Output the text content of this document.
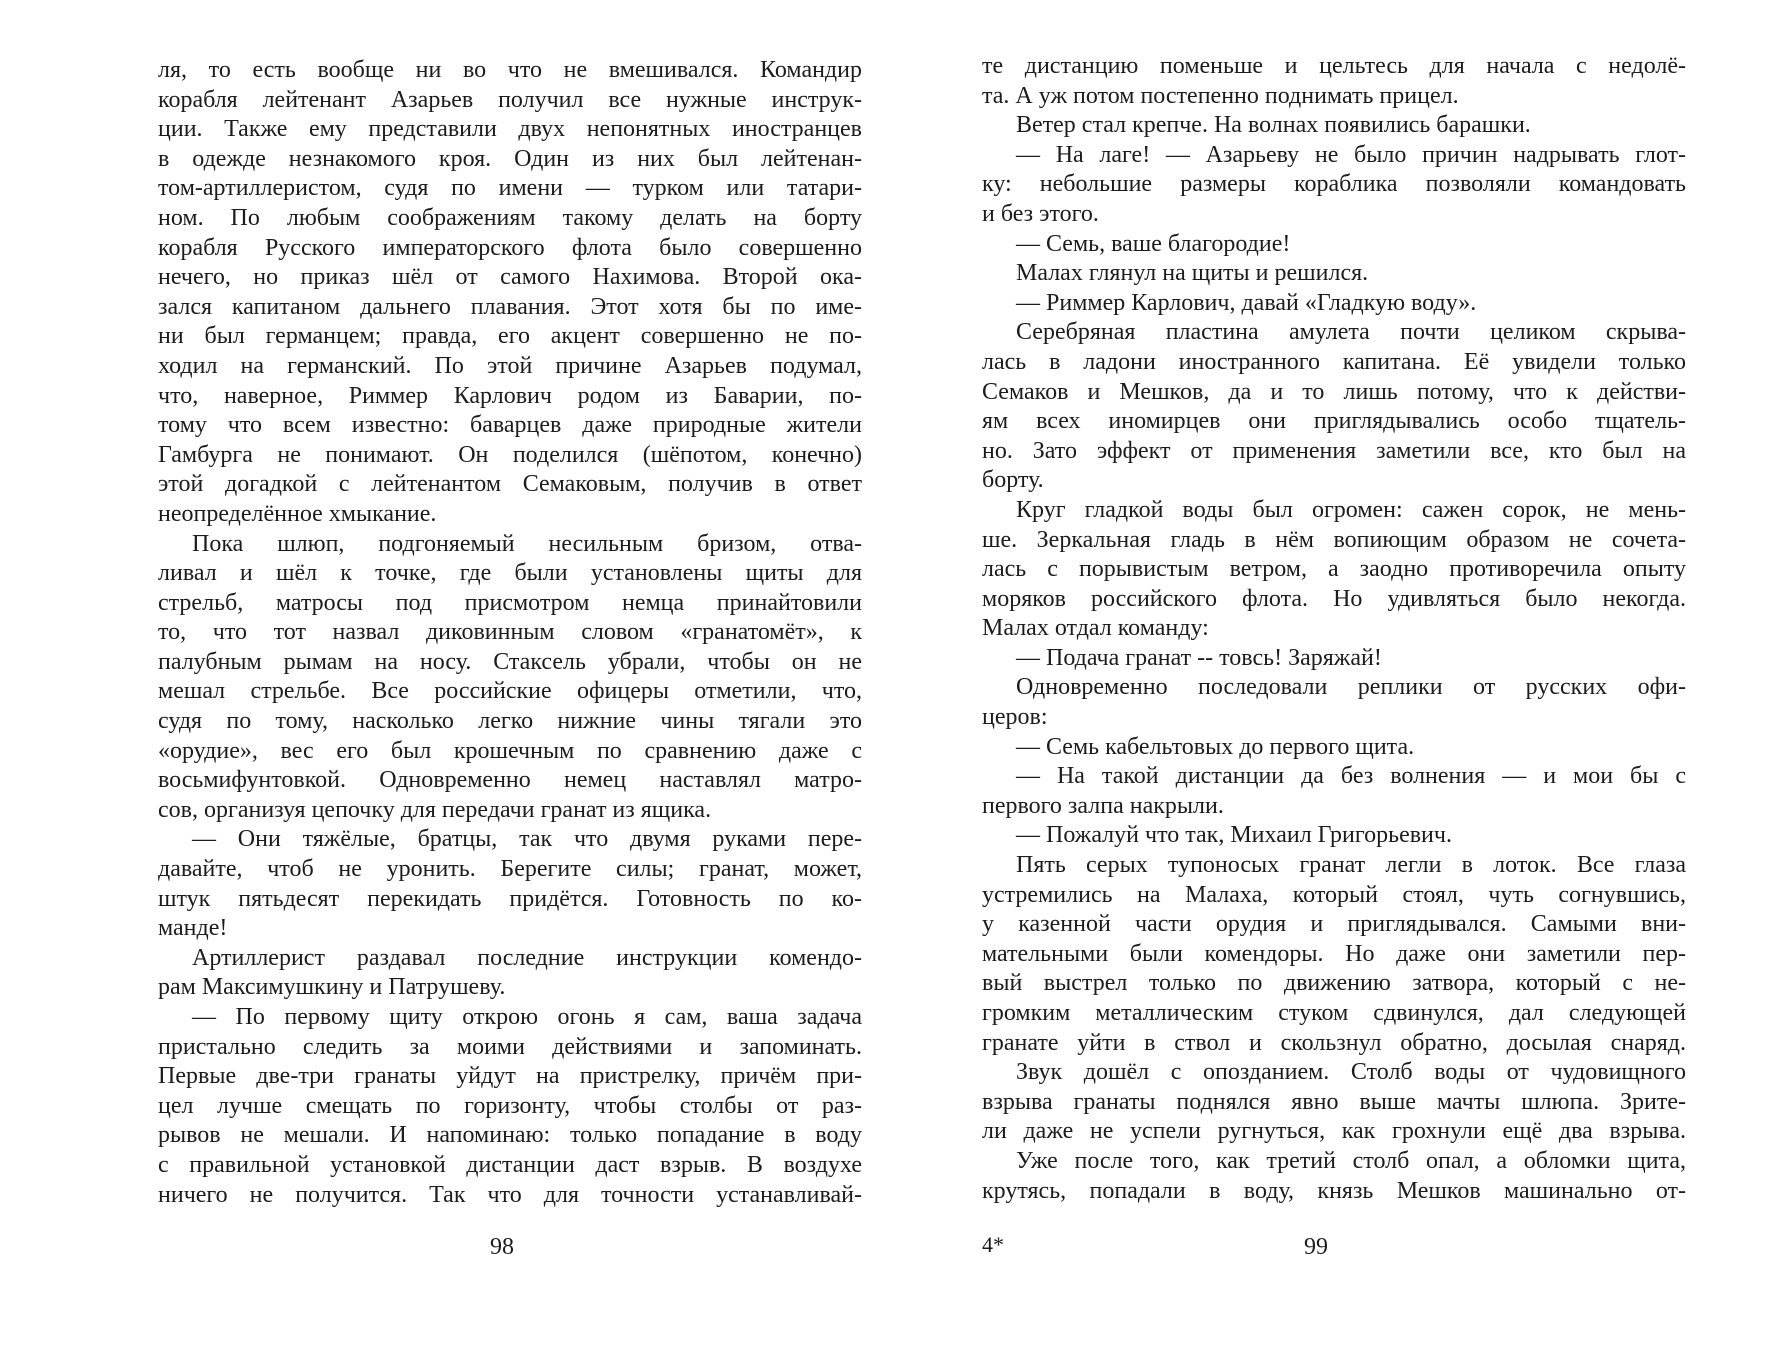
ля, то есть вообще ни во что не вмешивался. Командир
корабля лейтенант Азарьев получил все нужные инструк-
ции. Также ему представили двух непонятных иностранцев
в одежде незнакомого кроя. Один из них был лейтенан-
том-артиллеристом, судя по имени — турком или татари-
ном. По любым соображениям такому делать на борту
корабля Русского императорского флота было совершенно
нечего, но приказ шёл от самого Нахимова. Второй ока-
зался капитаном дальнего плавания. Этот хотя бы по име-
ни был германцем; правда, его акцент совершенно не по-
ходил на германский. По этой причине Азарьев подумал,
что, наверное, Риммер Карлович родом из Баварии, по-
тому что всем известно: баварцев даже природные жители
Гамбурга не понимают. Он поделился (шёпотом, конечно)
этой догадкой с лейтенантом Семаковым, получив в ответ
неопределённое хмыкание.
Пока шлюп, подгоняемый несильным бризом, отва-
ливал и шёл к точке, где были установлены щиты для
стрельб, матросы под присмотром немца принайтовили
то, что тот назвал диковинным словом «гранатомёт», к
палубным рымам на носу. Стаксель убрали, чтобы он не
мешал стрельбе. Все российские офицеры отметили, что,
судя по тому, насколько легко нижние чины тягали это
«орудие», вес его был крошечным по сравнению даже с
восьмифунтовкой. Одновременно немец наставлял матро-
сов, организуя цепочку для передачи гранат из ящика.
— Они тяжёлые, братцы, так что двумя руками пере-
давайте, чтоб не уронить. Берегите силы; гранат, может,
штук пятьдесят перекидать придётся. Готовность по ко-
манде!
Артиллерист раздавал последние инструкции комендо-
рам Максимушкину и Патрушеву.
— По первому щиту открою огонь я сам, ваша задача
пристально следить за моими действиями и запоминать.
Первые две-три гранаты уйдут на пристрелку, причём при-
цел лучше смещать по горизонту, чтобы столбы от раз-
рывов не мешали. И напоминаю: только попадание в воду
с правильной установкой дистанции даст взрыв. В воздухе
ничего не получится. Так что для точности устанавливай-
98
те дистанцию поменьше и цельтесь для начала с недолё-
та. А уж потом постепенно поднимать прицел.
Ветер стал крепче. На волнах появились барашки.
— На лаге! — Азарьеву не было причин надрывать глот-
ку: небольшие размеры кораблика позволяли командовать
и без этого.
— Семь, ваше благородие!
Малах глянул на щиты и решился.
— Риммер Карлович, давай «Гладкую воду».
Серебряная пластина амулета почти целиком скрыва-
лась в ладони иностранного капитана. Её увидели только
Семаков и Мешков, да и то лишь потому, что к действи-
ям всех иномирцев они приглядывались особо тщатель-
но. Зато эффект от применения заметили все, кто был на
борту.
Круг гладкой воды был огромен: сажен сорок, не мень-
ше. Зеркальная гладь в нём вопиющим образом не сочета-
лась с порывистым ветром, а заодно противоречила опыту
моряков российского флота. Но удивляться было некогда.
Малах отдал команду:
— Подача гранат -- товсь! Заряжай!
Одновременно последовали реплики от русских офи-
церов:
— Семь кабельтовых до первого щита.
— На такой дистанции да без волнения — и мои бы с
первого залпа накрыли.
— Пожалуй что так, Михаил Григорьевич.
Пять серых тупоносых гранат легли в лоток. Все глаза
устремились на Малаха, который стоял, чуть согнувшись,
у казенной части орудия и приглядывался. Самыми вни-
мательными были комендоры. Но даже они заметили пер-
вый выстрел только по движению затвора, который с не-
громким металлическим стуком сдвинулся, дал следующей
гранате уйти в ствол и скользнул обратно, досылая снаряд.
Звук дошёл с опозданием. Столб воды от чудовищного
взрыва гранаты поднялся явно выше мачты шлюпа. Зрите-
ли даже не успели ругнуться, как грохнули ещё два взрыва.
Уже после того, как третий столб опал, а обломки щита,
крутясь, попадали в воду, князь Мешков машинально от-
4*	99
